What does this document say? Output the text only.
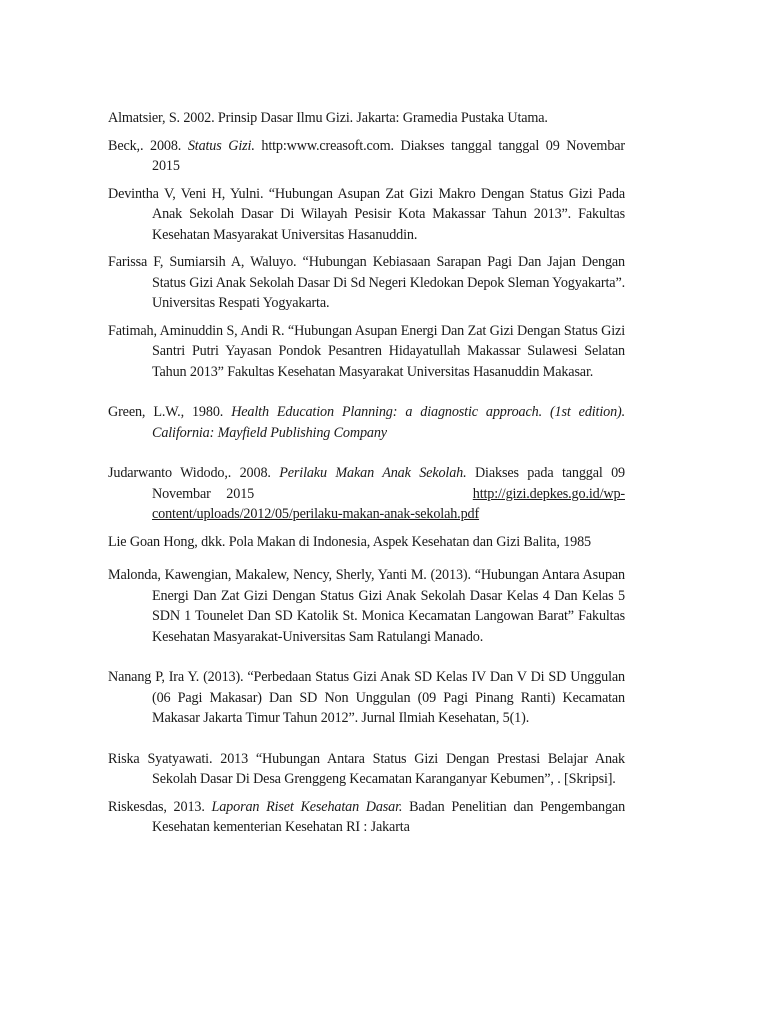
Almatsier, S. 2002. Prinsip Dasar Ilmu Gizi. Jakarta: Gramedia Pustaka Utama.

Beck,. 2008. Status Gizi. http:www.creasoft.com. Diakses tanggal tanggal 09 Novembar 2015

Devintha V, Veni H, Yulni. “Hubungan Asupan Zat Gizi Makro Dengan Status Gizi Pada Anak Sekolah Dasar Di Wilayah Pesisir Kota Makassar Tahun 2013”. Fakultas Kesehatan Masyarakat Universitas Hasanuddin.

Farissa F, Sumiarsih A, Waluyo. “Hubungan Kebiasaan Sarapan Pagi Dan Jajan Dengan Status Gizi Anak Sekolah Dasar Di Sd Negeri Kledokan Depok Sleman Yogyakarta”. Universitas Respati Yogyakarta.

Fatimah, Aminuddin S, Andi R. “Hubungan Asupan Energi Dan Zat Gizi Dengan Status Gizi Santri Putri Yayasan Pondok Pesantren Hidayatullah Makassar Sulawesi Selatan Tahun 2013” Fakultas Kesehatan Masyarakat Universitas Hasanuddin Makasar.

Green, L.W., 1980. Health Education Planning: a diagnostic approach. (1st edition). California: Mayfield Publishing Company

Judarwanto Widodo,. 2008. Perilaku Makan Anak Sekolah. Diakses pada tanggal 09 Novembar 2015              http://gizi.depkes.go.id/wp-content/uploads/2012/05/perilaku-makan-anak-sekolah.pdf

Lie Goan Hong, dkk. Pola Makan di Indonesia, Aspek Kesehatan dan Gizi Balita, 1985

Malonda, Kawengian, Makalew, Nency, Sherly, Yanti M. (2013). “Hubungan Antara Asupan Energi Dan Zat Gizi Dengan Status Gizi Anak Sekolah Dasar Kelas 4 Dan Kelas 5 SDN 1 Tounelet Dan SD Katolik St. Monica Kecamatan Langowan Barat” Fakultas Kesehatan Masyarakat-Universitas Sam Ratulangi Manado.

Nanang P, Ira Y. (2013). “Perbedaan Status Gizi Anak SD Kelas IV Dan V Di SD Unggulan (06 Pagi Makasar) Dan SD Non Unggulan (09 Pagi Pinang Ranti) Kecamatan Makasar Jakarta Timur Tahun 2012”. Jurnal Ilmiah Kesehatan, 5(1).

Riska Syatyawati. 2013 “Hubungan Antara Status Gizi Dengan Prestasi Belajar Anak Sekolah Dasar Di Desa Grenggeng Kecamatan Karanganyar Kebumen”, . [Skripsi].

Riskesdas, 2013. Laporan Riset Kesehatan Dasar. Badan Penelitian dan Pengembangan Kesehatan kementerian Kesehatan RI : Jakarta
